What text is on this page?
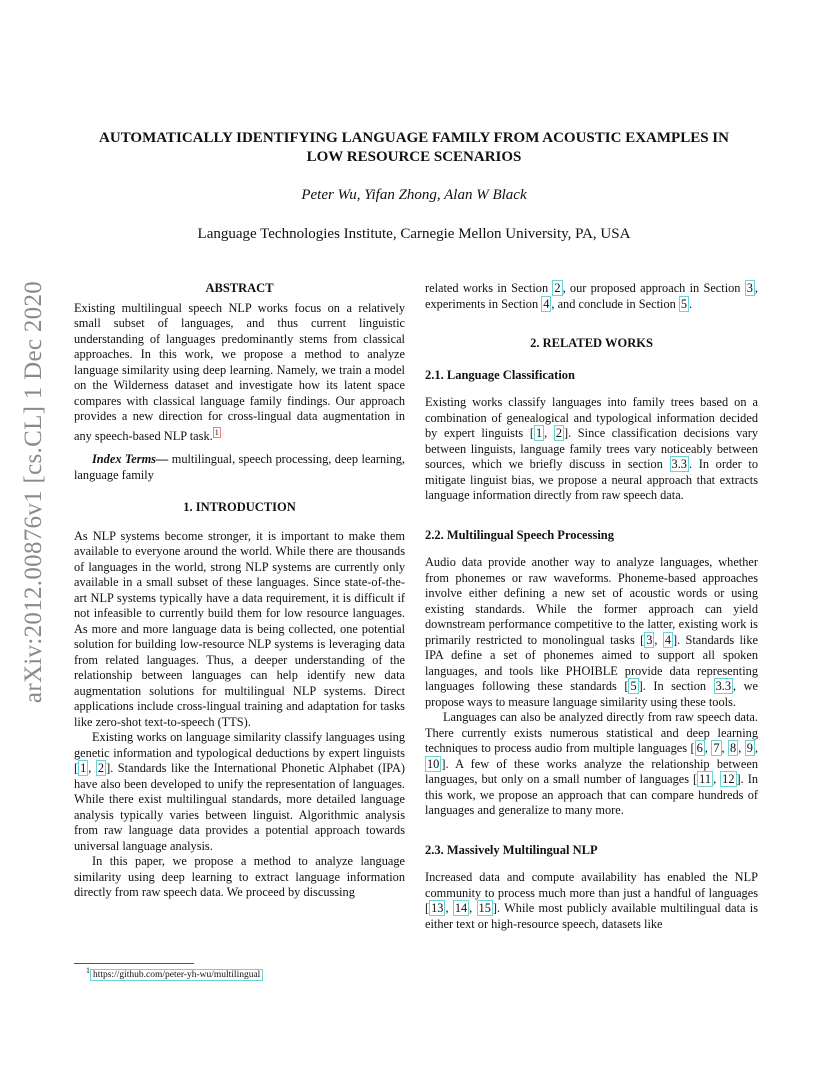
arXiv:2012.00876v1 [cs.CL] 1 Dec 2020
AUTOMATICALLY IDENTIFYING LANGUAGE FAMILY FROM ACOUSTIC EXAMPLES IN
LOW RESOURCE SCENARIOS
Peter Wu, Yifan Zhong, Alan W Black
Language Technologies Institute, Carnegie Mellon University, PA, USA
ABSTRACT

Existing multilingual speech NLP works focus on a relatively small subset of languages, and thus current linguistic understanding of languages predominantly stems from classical approaches. In this work, we propose a method to analyze language similarity using deep learning. Namely, we train a model on the Wilderness dataset and investigate how its latent space compares with classical language family findings. Our approach provides a new direction for cross-lingual data augmentation in any speech-based NLP task. $^1$

Index Terms— multilingual, speech processing, deep learning, language family

1. INTRODUCTION

As NLP systems become stronger, it is important to make them available to everyone around the world. While there are thousands of languages in the world, strong NLP systems are currently only available in a small subset of these languages. Since state-of-the-art NLP systems typically have a data requirement, it is difficult if not infeasible to currently build them for low resource languages. As more and more language data is being collected, one potential solution for building low-resource NLP systems is leveraging data from related languages. Thus, a deeper understanding of the relationship between languages can help identify new data augmentation solutions for multilingual NLP systems. Direct applications include cross-lingual training and adaptation for tasks like zero-shot text-to-speech (TTS).

Existing works on language similarity classify languages using genetic information and typological deductions by expert linguists [ 1 , 2 ]. Standards like the International Phonetic Alphabet (IPA) have also been developed to unify the representation of languages. While there exist multilingual standards, more detailed language analysis typically varies between linguist. Algorithmic analysis from raw language data provides a potential approach towards universal language analysis.

In this paper, we propose a method to analyze language similarity using deep learning to extract language information directly from raw speech data. We proceed by discussing

related works in Section 2 , our proposed approach in Section 3 , experiments in Section 4 , and conclude in Section 5 .

2. RELATED WORKS
2.1. Language Classification

Existing works classify languages into family trees based on a combination of genealogical and typological information decided by expert linguists [ 1 , 2 ]. Since classification decisions vary between linguists, language family trees vary noticeably between sources, which we briefly discuss in section 3.3 . In order to mitigate linguist bias, we propose a neural approach that extracts language information directly from raw speech data.

2.2. Multilingual Speech Processing

Audio data provide another way to analyze languages, whether from phonemes or raw waveforms. Phoneme-based approaches involve either defining a new set of acoustic words or using existing standards. While the former approach can yield downstream performance competitive to the latter, existing work is primarily restricted to monolingual tasks [ 3 , 4 ]. Standards like IPA define a set of phonemes aimed to support all spoken languages, and tools like PHOIBLE provide data representing languages following these standards [ 5 ]. In section 3.3 , we propose ways to measure language similarity using these tools.

Languages can also be analyzed directly from raw speech data. There currently exists numerous statistical and deep learning techniques to process audio from multiple languages [ 6 , 7 , 8 , 9 , 10 ]. A few of these works analyze the relationship between languages, but only on a small number of languages [ 11 , 12 ]. In this work, we propose an approach that can compare hundreds of languages and generalize to many more.

2.3. Massively Multilingual NLP

Increased data and compute availability has enabled the NLP community to process much more than just a handful of languages [ 13 , 14 , 15 ]. While most publicly available multilingual data is either text or high-resource speech, datasets like

$^1$ https://github.com/peter-yh-wu/multilingual
